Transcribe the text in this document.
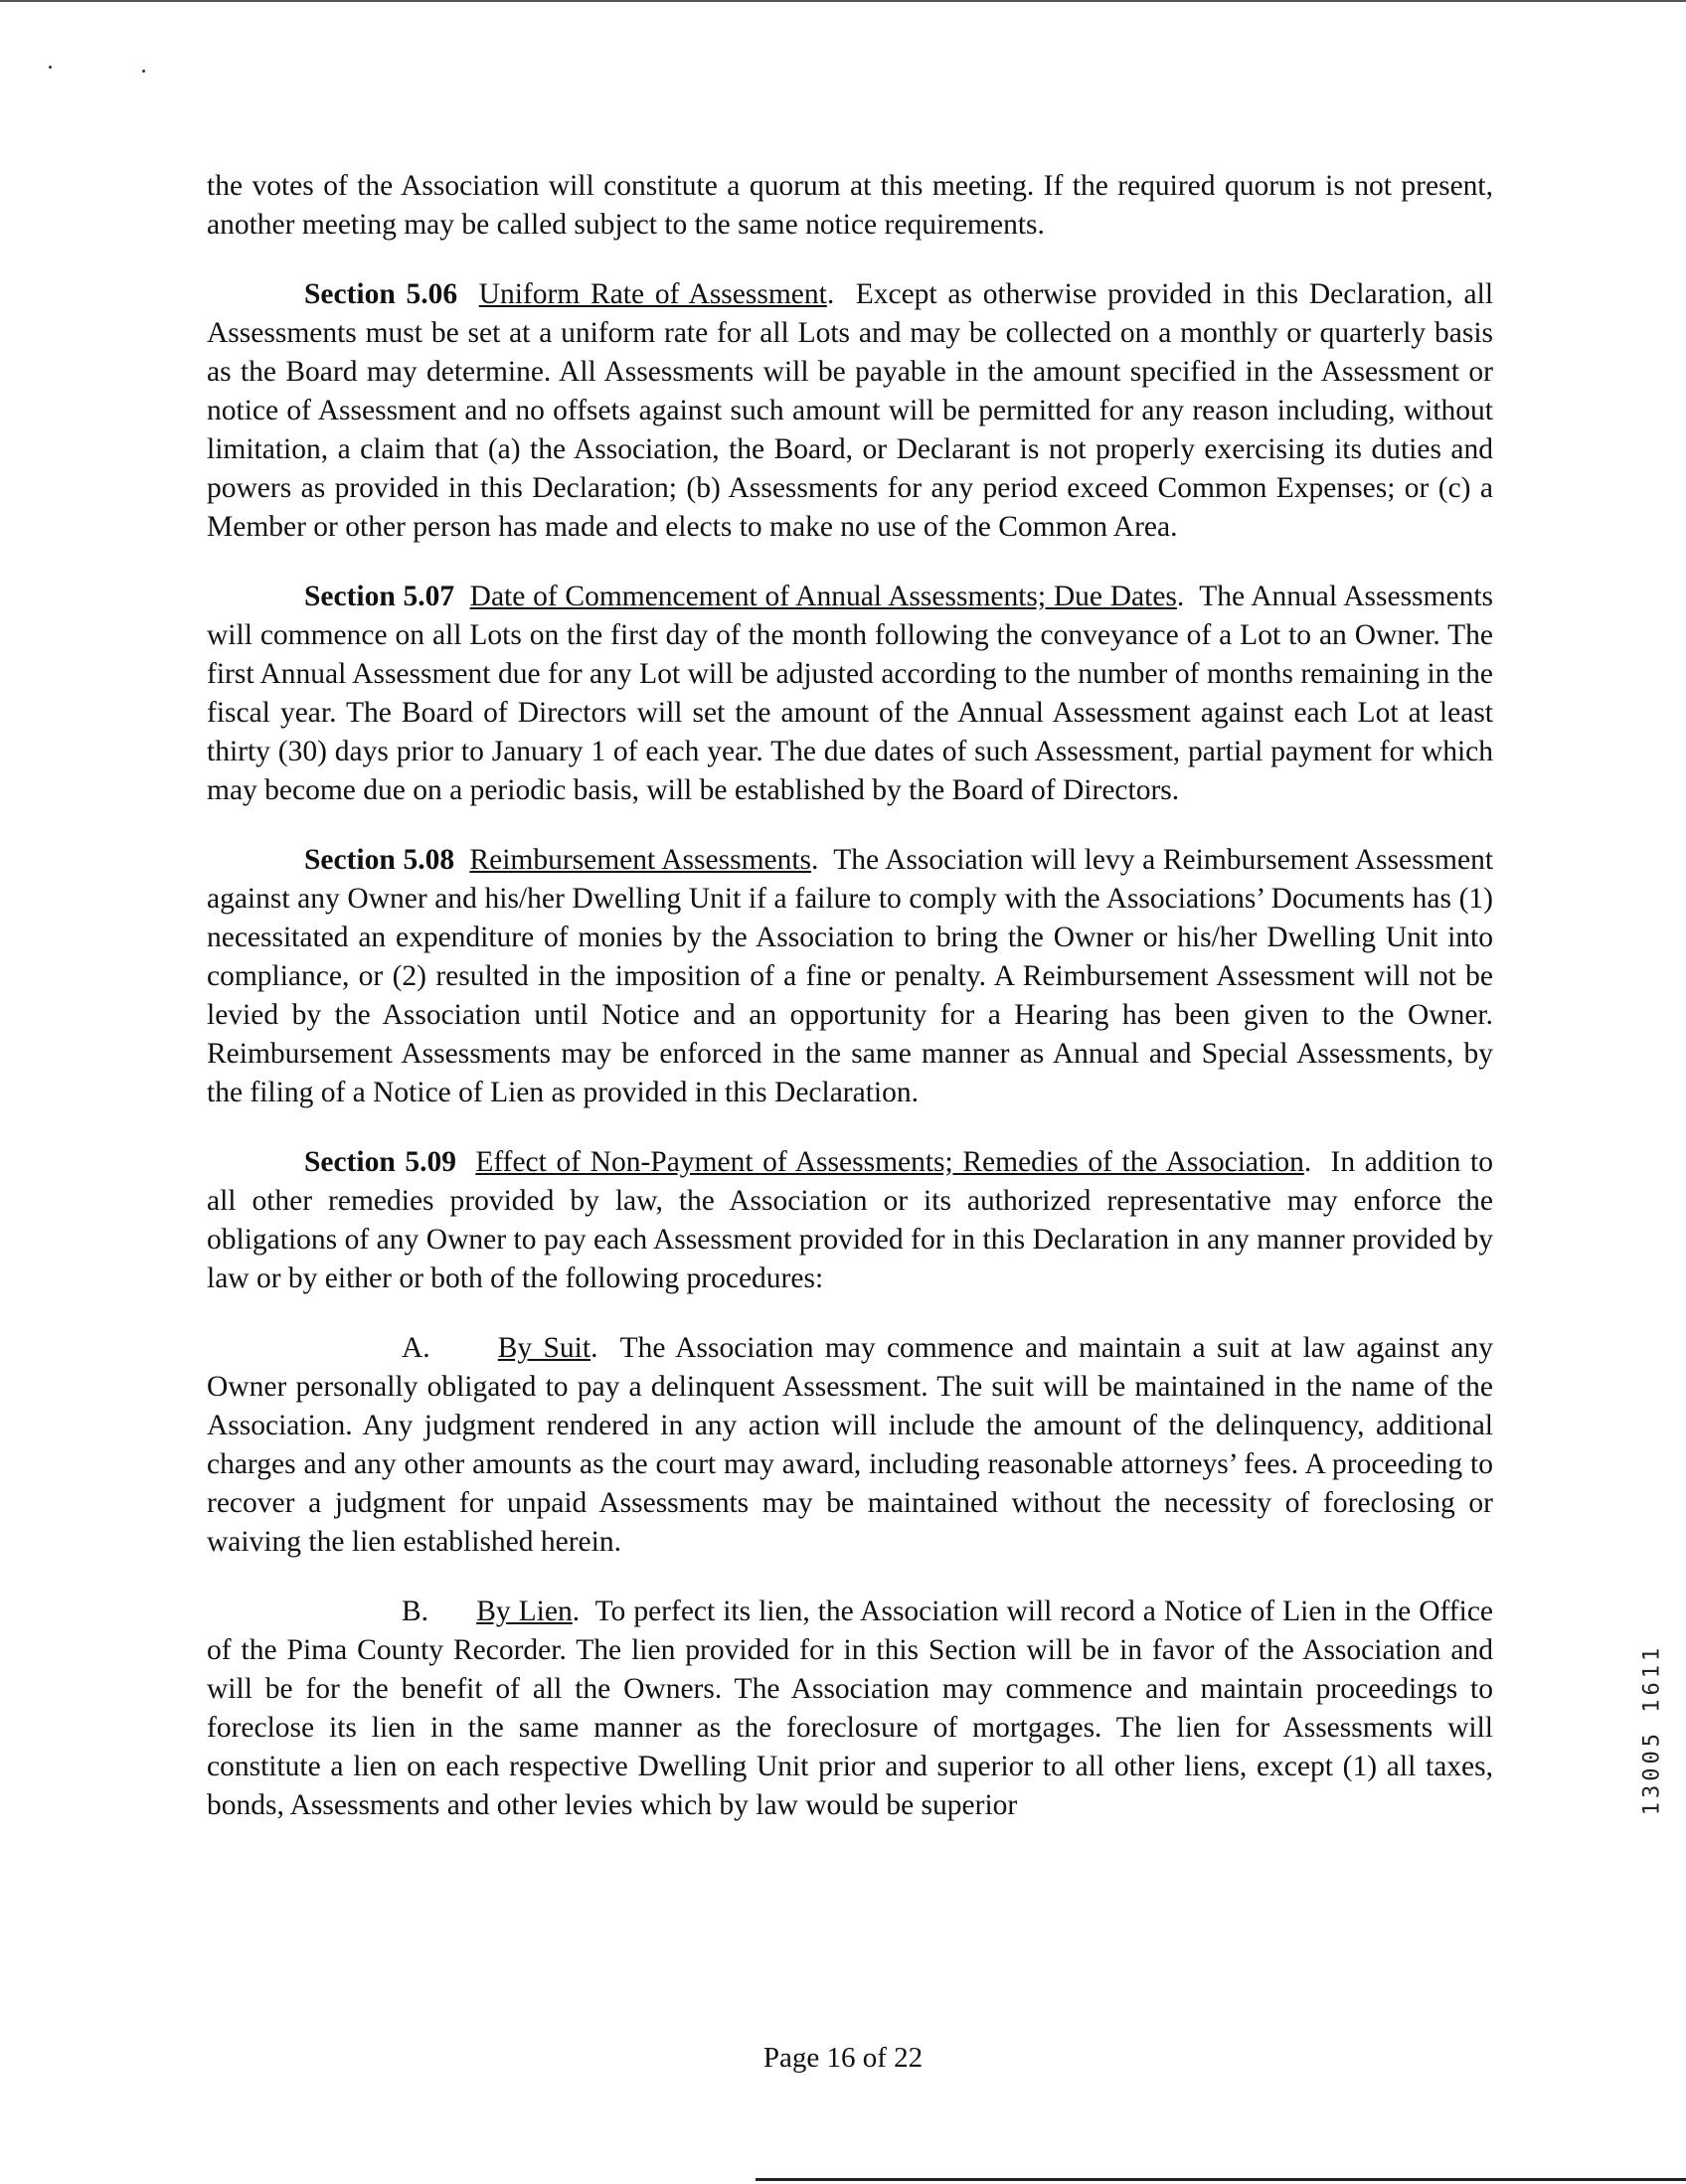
the votes of the Association will constitute a quorum at this meeting. If the required quorum is not present, another meeting may be called subject to the same notice requirements.

Section 5.06 Uniform Rate of Assessment.  Except as otherwise provided in this Declaration, all Assessments must be set at a uniform rate for all Lots and may be collected on a monthly or quarterly basis as the Board may determine. All Assessments will be payable in the amount specified in the Assessment or notice of Assessment and no offsets against such amount will be permitted for any reason including, without limitation, a claim that (a) the Association, the Board, or Declarant is not properly exercising its duties and powers as provided in this Declaration; (b) Assessments for any period exceed Common Expenses; or (c) a Member or other person has made and elects to make no use of the Common Area.

Section 5.07 Date of Commencement of Annual Assessments; Due Dates.  The Annual Assessments will commence on all Lots on the first day of the month following the conveyance of a Lot to an Owner. The first Annual Assessment due for any Lot will be adjusted according to the number of months remaining in the fiscal year. The Board of Directors will set the amount of the Annual Assessment against each Lot at least thirty (30) days prior to January 1 of each year. The due dates of such Assessment, partial payment for which may become due on a periodic basis, will be established by the Board of Directors.

Section 5.08 Reimbursement Assessments.  The Association will levy a Reimbursement Assessment against any Owner and his/her Dwelling Unit if a failure to comply with the Associations’ Documents has (1) necessitated an expenditure of monies by the Association to bring the Owner or his/her Dwelling Unit into compliance, or (2) resulted in the imposition of a fine or penalty. A Reimbursement Assessment will not be levied by the Association until Notice and an opportunity for a Hearing has been given to the Owner. Reimbursement Assessments may be enforced in the same manner as Annual and Special Assessments, by the filing of a Notice of Lien as provided in this Declaration.

Section 5.09 Effect of Non-Payment of Assessments; Remedies of the Association.  In addition to all other remedies provided by law, the Association or its authorized representative may enforce the obligations of any Owner to pay each Assessment provided for in this Declaration in any manner provided by law or by either or both of the following procedures:

A. By Suit.  The Association may commence and maintain a suit at law against any Owner personally obligated to pay a delinquent Assessment. The suit will be maintained in the name of the Association. Any judgment rendered in any action will include the amount of the delinquency, additional charges and any other amounts as the court may award, including reasonable attorneys’ fees. A proceeding to recover a judgment for unpaid Assessments may be maintained without the necessity of foreclosing or waiving the lien established herein.

B. By Lien.  To perfect its lien, the Association will record a Notice of Lien in the Office of the Pima County Recorder. The lien provided for in this Section will be in favor of the Association and will be for the benefit of all the Owners. The Association may commence and maintain proceedings to foreclose its lien in the same manner as the foreclosure of mortgages. The lien for Assessments will constitute a lien on each respective Dwelling Unit prior and superior to all other liens, except (1) all taxes, bonds, Assessments and other levies which by law would be superior	13005 1611
Page 16 of 22
